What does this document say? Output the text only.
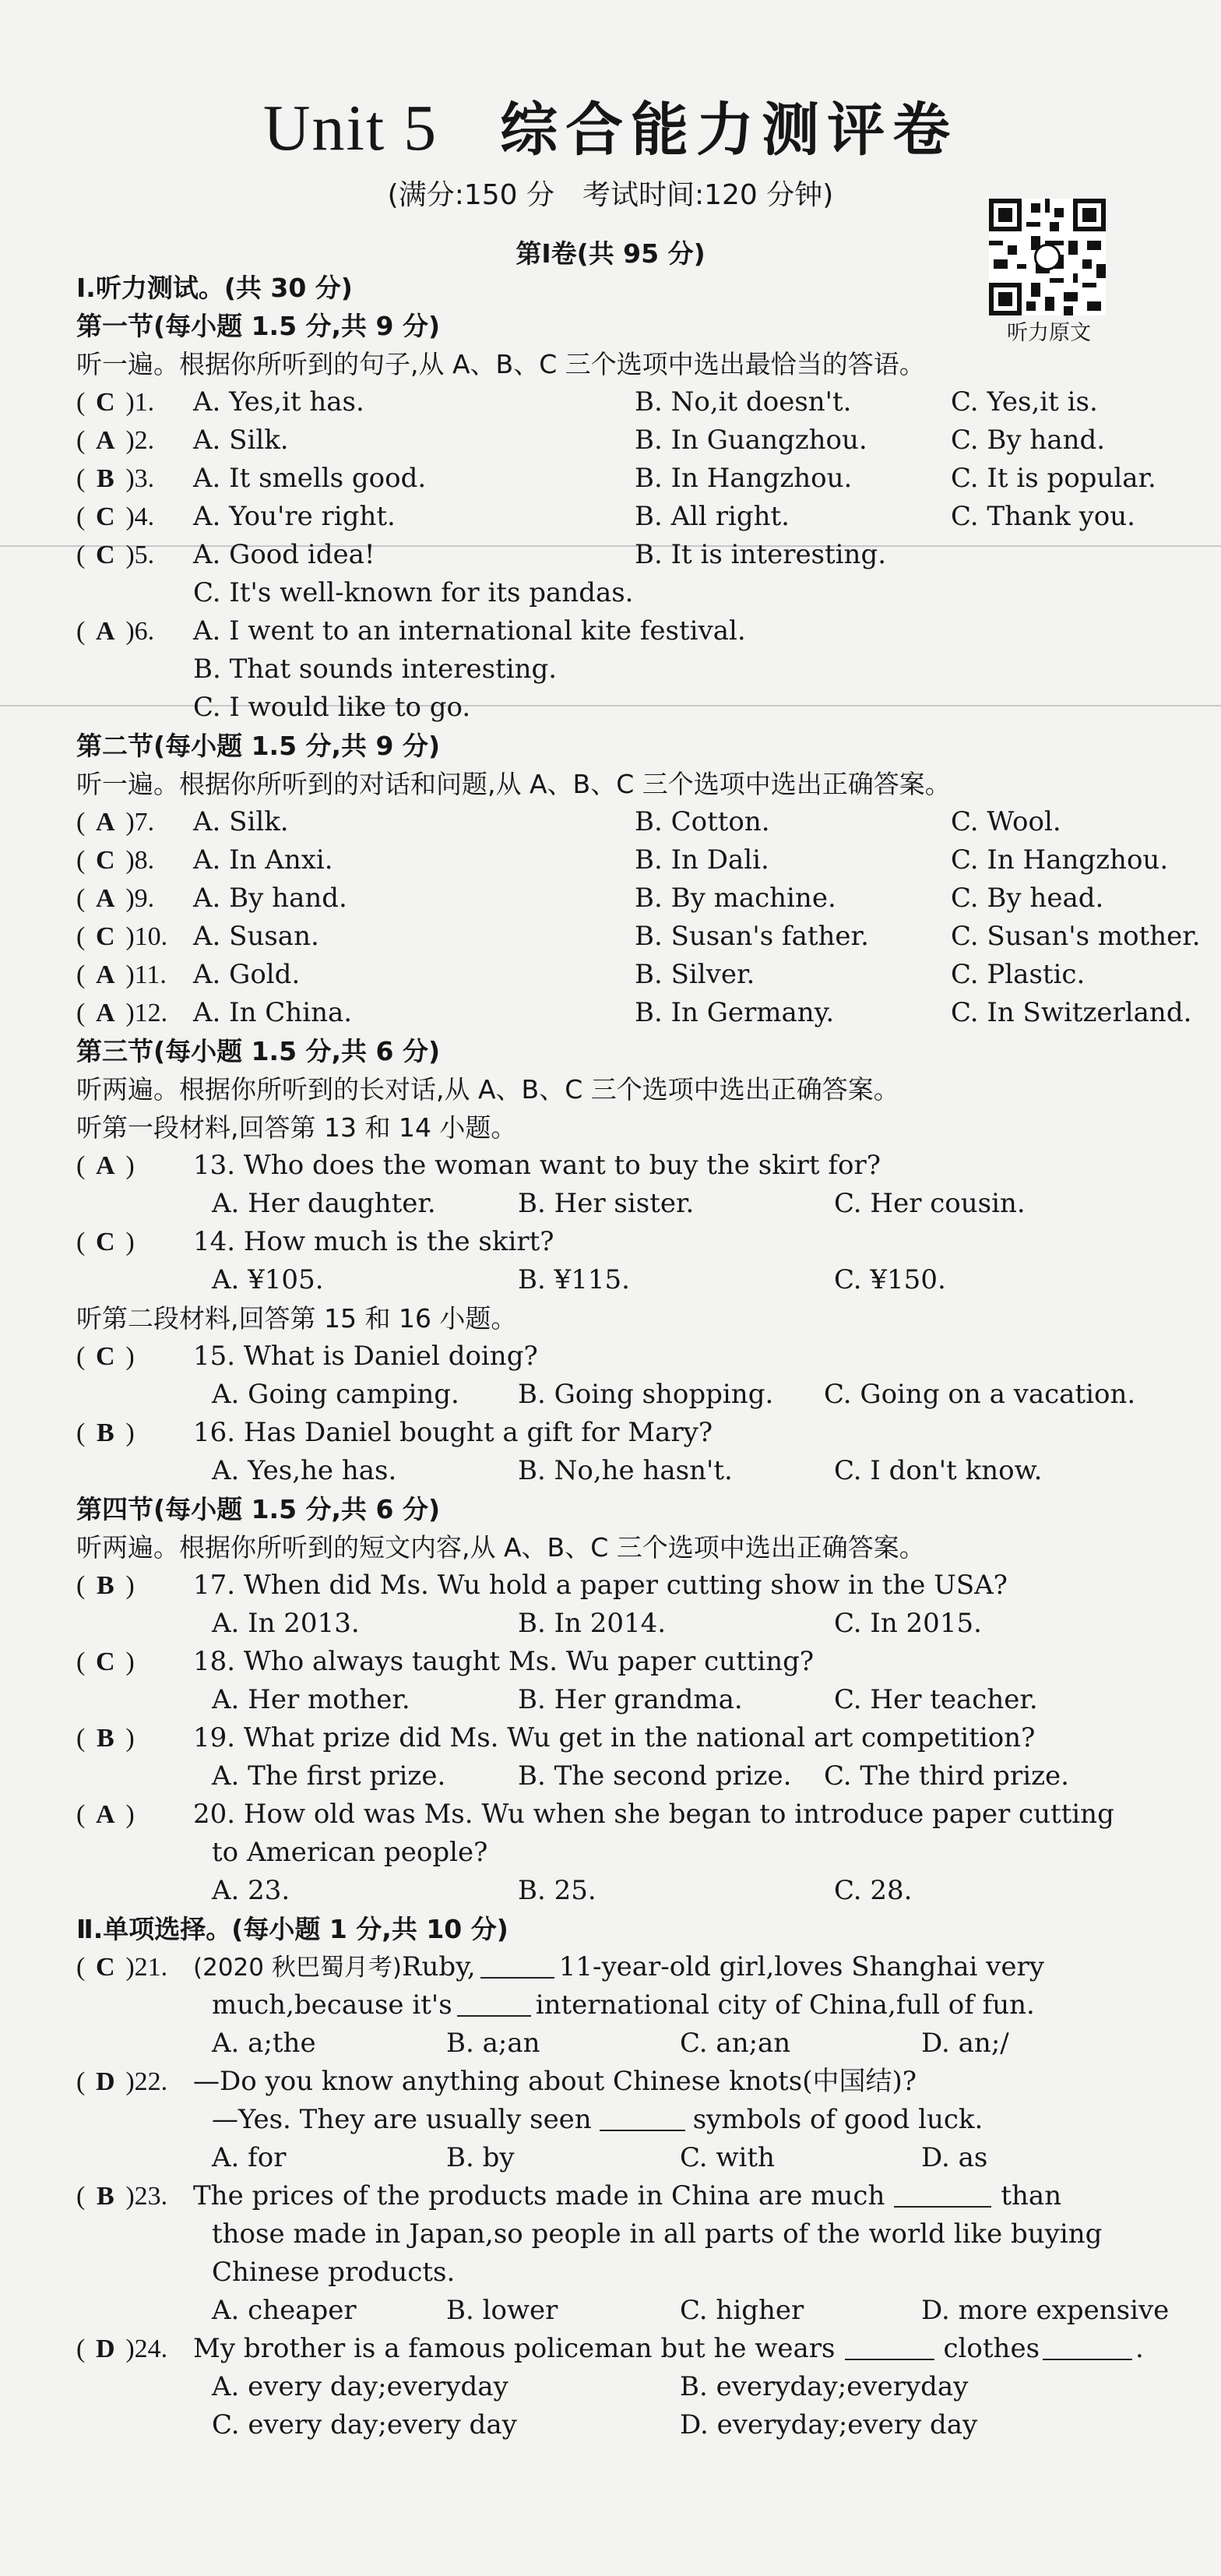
Unit 5 综合能力测评卷
(满分:150 分　考试时间:120 分钟)
听力原文
第Ⅰ卷(共 95 分)
Ⅰ.听力测试。(共 30 分)
第一节(每小题 1.5 分,共 9 分)
听一遍。根据你所听到的句子,从 A、B、C 三个选项中选出最恰当的答语。
( C )1.	A. Yes,it has.	B. No,it doesn't.	C. Yes,it is.
( A )2.	A. Silk.	B. In Guangzhou.	C. By hand.
( B )3.	A. It smells good.	B. In Hangzhou.	C. It is popular.
( C )4.	A. You're right.	B. All right.	C. Thank you.
( C )5.	A. Good idea!	B. It is interesting.
C. It's well-known for its pandas.
( A )6.	A. I went to an international kite festival.
B. That sounds interesting.
C. I would like to go.
第二节(每小题 1.5 分,共 9 分)
听一遍。根据你所听到的对话和问题,从 A、B、C 三个选项中选出正确答案。
( A )7.	A. Silk.	B. Cotton.	C. Wool.
( C )8.	A. In Anxi.	B. In Dali.	C. In Hangzhou.
( A )9.	A. By hand.	B. By machine.	C. By head.
( C )10. A. Susan.	B. Susan's father.	C. Susan's mother.
( A )11.	A. Gold.	B. Silver.	C. Plastic.
( A )12. A. In China.	B. In Germany.	C. In Switzerland.
第三节(每小题 1.5 分,共 6 分)
听两遍。根据你所听到的长对话,从 A、B、C 三个选项中选出正确答案。
听第一段材料,回答第 13 和 14 小题。
( A )	13. Who does the woman want to buy the skirt for?
A. Her daughter.	B. Her sister.	C. Her cousin.
( C )	14. How much is the skirt?
A. ¥105.	B. ¥115.	C. ¥150.
听第二段材料,回答第 15 和 16 小题。
( C )	15. What is Daniel doing?
A. Going camping. B. Going shopping. C. Going on a vacation.
( B )	16. Has Daniel bought a gift for Mary?
A. Yes,he has.	B. No,he hasn't.	C. I don't know.
第四节(每小题 1.5 分,共 6 分)
听两遍。根据你所听到的短文内容,从 A、B、C 三个选项中选出正确答案。
( B )	17. When did Ms. Wu hold a paper cutting show in the USA?
A. In 2013.	B. In 2014.	C. In 2015.
( C )	18. Who always taught Ms. Wu paper cutting?
A. Her mother.	B. Her grandma.	C. Her teacher.
( B )	19. What prize did Ms. Wu get in the national art competition?
A. The first prize.	B. The second prize. C. The third prize.
( A )	20. How old was Ms. Wu when she began to introduce paper cutting
to American people?
A. 23.	B. 25.	C. 28.
Ⅱ.单项选择。(每小题 1 分,共 10 分)
( C )21.	(2020 秋巴蜀月考)Ruby,	11-year-old girl,loves Shanghai very
much,because it's	international city of China,full of fun.
A. a;the	B. a;an	C. an;an	D. an;/
( D )22. —Do you know anything about Chinese knots(中国结)?
—Yes. They are usually seen	symbols of good luck.
A. for	B. by	C. with	D. as
( B )23. The prices of the products made in China are much	than
those made in Japan,so people in all parts of the world like buying
Chinese products.
A. cheaper	B. lower	C. higher	D. more expensive
( D )24. My brother is a famous policeman but he wears	clothes	.
A. every day;everyday	B. everyday;everyday
C. every day;every day	D. everyday;every day
